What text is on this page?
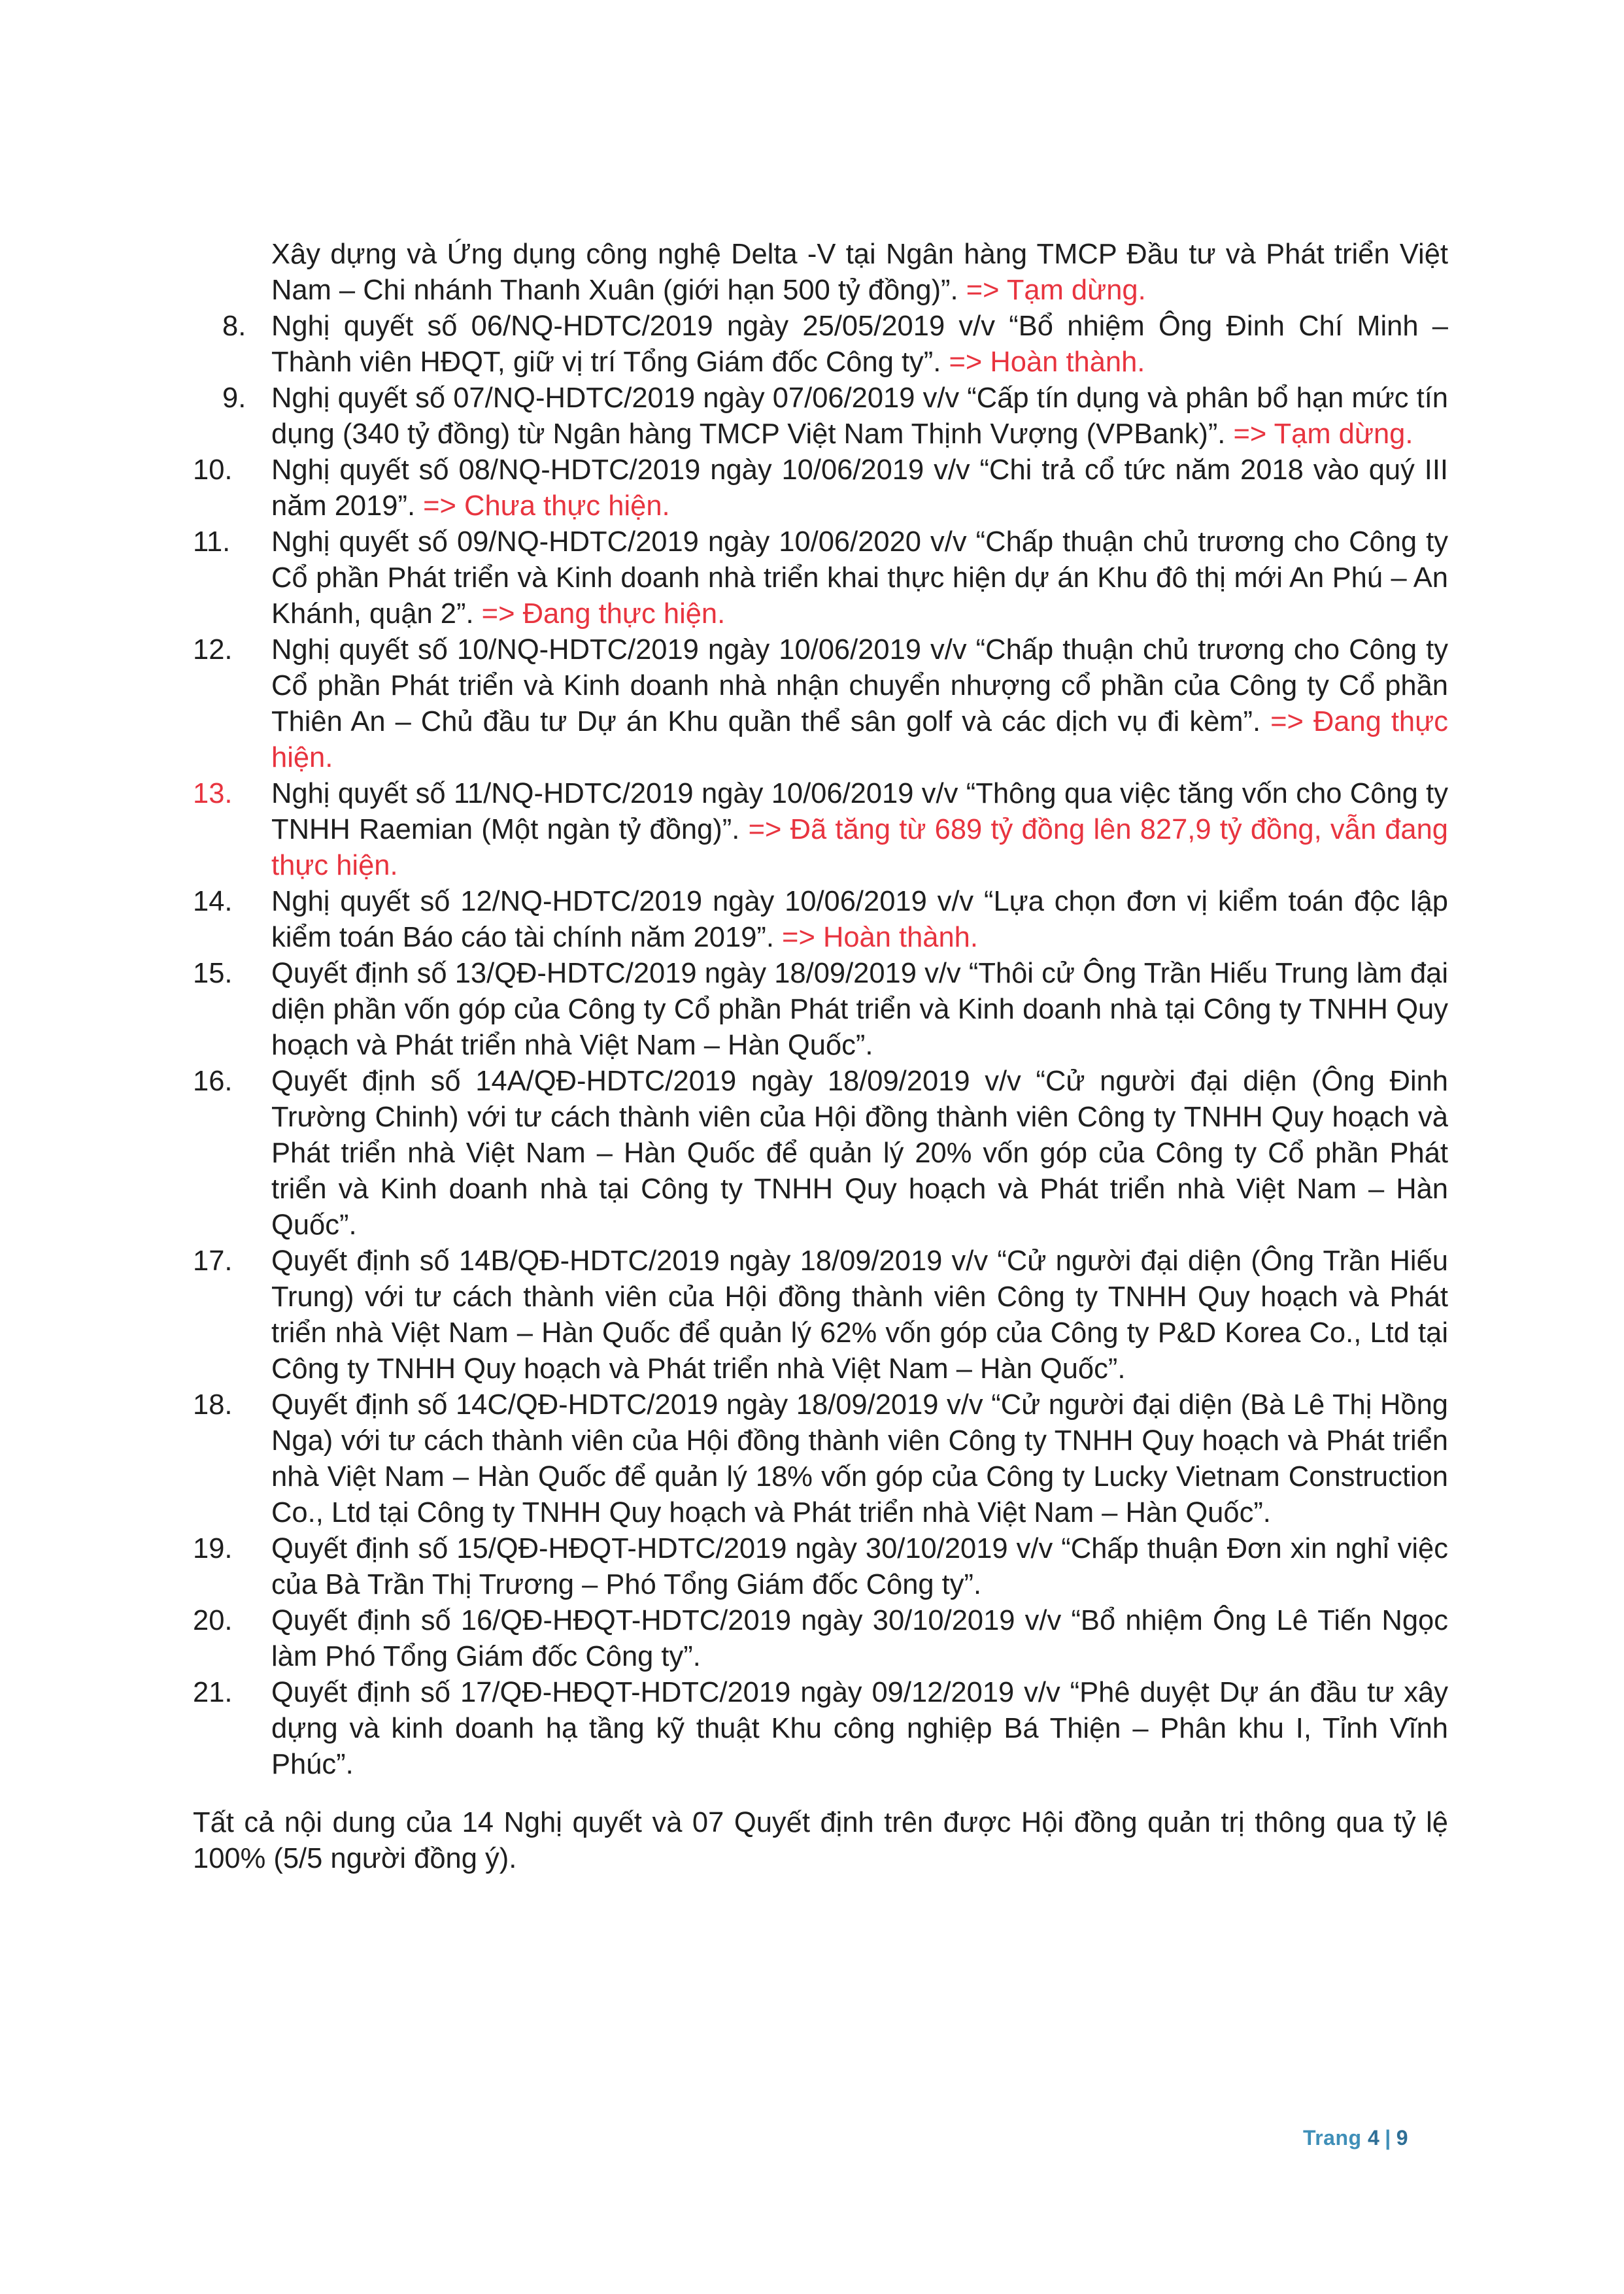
Xây dựng và Ứng dụng công nghệ Delta -V tại Ngân hàng TMCP Đầu tư và Phát triển Việt Nam – Chi nhánh Thanh Xuân (giới hạn 500 tỷ đồng)”. => Tạm dừng.

8. Nghị quyết số 06/NQ-HDTC/2019 ngày 25/05/2019 v/v “Bổ nhiệm Ông Đinh Chí Minh – Thành viên HĐQT, giữ vị trí Tổng Giám đốc Công ty”. => Hoàn thành.

9. Nghị quyết số 07/NQ-HDTC/2019 ngày 07/06/2019 v/v “Cấp tín dụng và phân bổ hạn mức tín dụng (340 tỷ đồng) từ Ngân hàng TMCP Việt Nam Thịnh Vượng (VPBank)”. => Tạm dừng.

10.	Nghị quyết số 08/NQ-HDTC/2019 ngày 10/06/2019 v/v “Chi trả cổ tức năm 2018 vào quý III năm 2019”. => Chưa thực hiện.

11.	Nghị quyết số 09/NQ-HDTC/2019 ngày 10/06/2020 v/v “Chấp thuận chủ trương cho Công ty Cổ phần Phát triển và Kinh doanh nhà triển khai thực hiện dự án Khu đô thị mới An Phú – An Khánh, quận 2”. => Đang thực hiện.

12.	Nghị quyết số 10/NQ-HDTC/2019 ngày 10/06/2019 v/v “Chấp thuận chủ trương cho Công ty Cổ phần Phát triển và Kinh doanh nhà nhận chuyển nhượng cổ phần của Công ty Cổ phần Thiên An – Chủ đầu tư Dự án Khu quần thể sân golf và các dịch vụ đi kèm”. => Đang thực hiện.

13.	Nghị quyết số 11/NQ-HDTC/2019 ngày 10/06/2019 v/v “Thông qua việc tăng vốn cho Công ty TNHH Raemian (Một ngàn tỷ đồng)”. => Đã tăng từ 689 tỷ đồng lên 827,9 tỷ đồng, vẫn đang thực hiện.

14.	Nghị quyết số 12/NQ-HDTC/2019 ngày 10/06/2019 v/v “Lựa chọn đơn vị kiểm toán độc lập kiểm toán Báo cáo tài chính năm 2019”. => Hoàn thành.

15.	Quyết định số 13/QĐ-HDTC/2019 ngày 18/09/2019 v/v “Thôi cử Ông Trần Hiếu Trung làm đại diện phần vốn góp của Công ty Cổ phần Phát triển và Kinh doanh nhà tại Công ty TNHH Quy hoạch và Phát triển nhà Việt Nam – Hàn Quốc”.

16.	Quyết định số 14A/QĐ-HDTC/2019 ngày 18/09/2019 v/v “Cử người đại diện (Ông Đinh Trường Chinh) với tư cách thành viên của Hội đồng thành viên Công ty TNHH Quy hoạch và Phát triển nhà Việt Nam – Hàn Quốc để quản lý 20% vốn góp của Công ty Cổ phần Phát triển và Kinh doanh nhà tại Công ty TNHH Quy hoạch và Phát triển nhà Việt Nam – Hàn Quốc”.

17.	Quyết định số 14B/QĐ-HDTC/2019 ngày 18/09/2019 v/v “Cử người đại diện (Ông Trần Hiếu Trung) với tư cách thành viên của Hội đồng thành viên Công ty TNHH Quy hoạch và Phát triển nhà Việt Nam – Hàn Quốc để quản lý 62% vốn góp của Công ty P&D Korea Co., Ltd tại Công ty TNHH Quy hoạch và Phát triển nhà Việt Nam – Hàn Quốc”.

18.	Quyết định số 14C/QĐ-HDTC/2019 ngày 18/09/2019 v/v “Cử người đại diện (Bà Lê Thị Hồng Nga) với tư cách thành viên của Hội đồng thành viên Công ty TNHH Quy hoạch và Phát triển nhà Việt Nam – Hàn Quốc để quản lý 18% vốn góp của Công ty Lucky Vietnam Construction Co., Ltd tại Công ty TNHH Quy hoạch và Phát triển nhà Việt Nam – Hàn Quốc”.

19.	Quyết định số 15/QĐ-HĐQT-HDTC/2019 ngày 30/10/2019 v/v “Chấp thuận Đơn xin nghỉ việc của Bà Trần Thị Trương – Phó Tổng Giám đốc Công ty”.

20.	Quyết định số 16/QĐ-HĐQT-HDTC/2019 ngày 30/10/2019 v/v “Bổ nhiệm Ông Lê Tiến Ngọc làm Phó Tổng Giám đốc Công ty”.

21.	Quyết định số 17/QĐ-HĐQT-HDTC/2019 ngày 09/12/2019 v/v “Phê duyệt Dự án đầu tư xây dựng và kinh doanh hạ tầng kỹ thuật Khu công nghiệp Bá Thiện – Phân khu I, Tỉnh Vĩnh Phúc”.

Tất cả nội dung của 14 Nghị quyết và 07 Quyết định trên được Hội đồng quản trị thông qua tỷ lệ 100% (5/5 người đồng ý).

Trang 4 | 9
